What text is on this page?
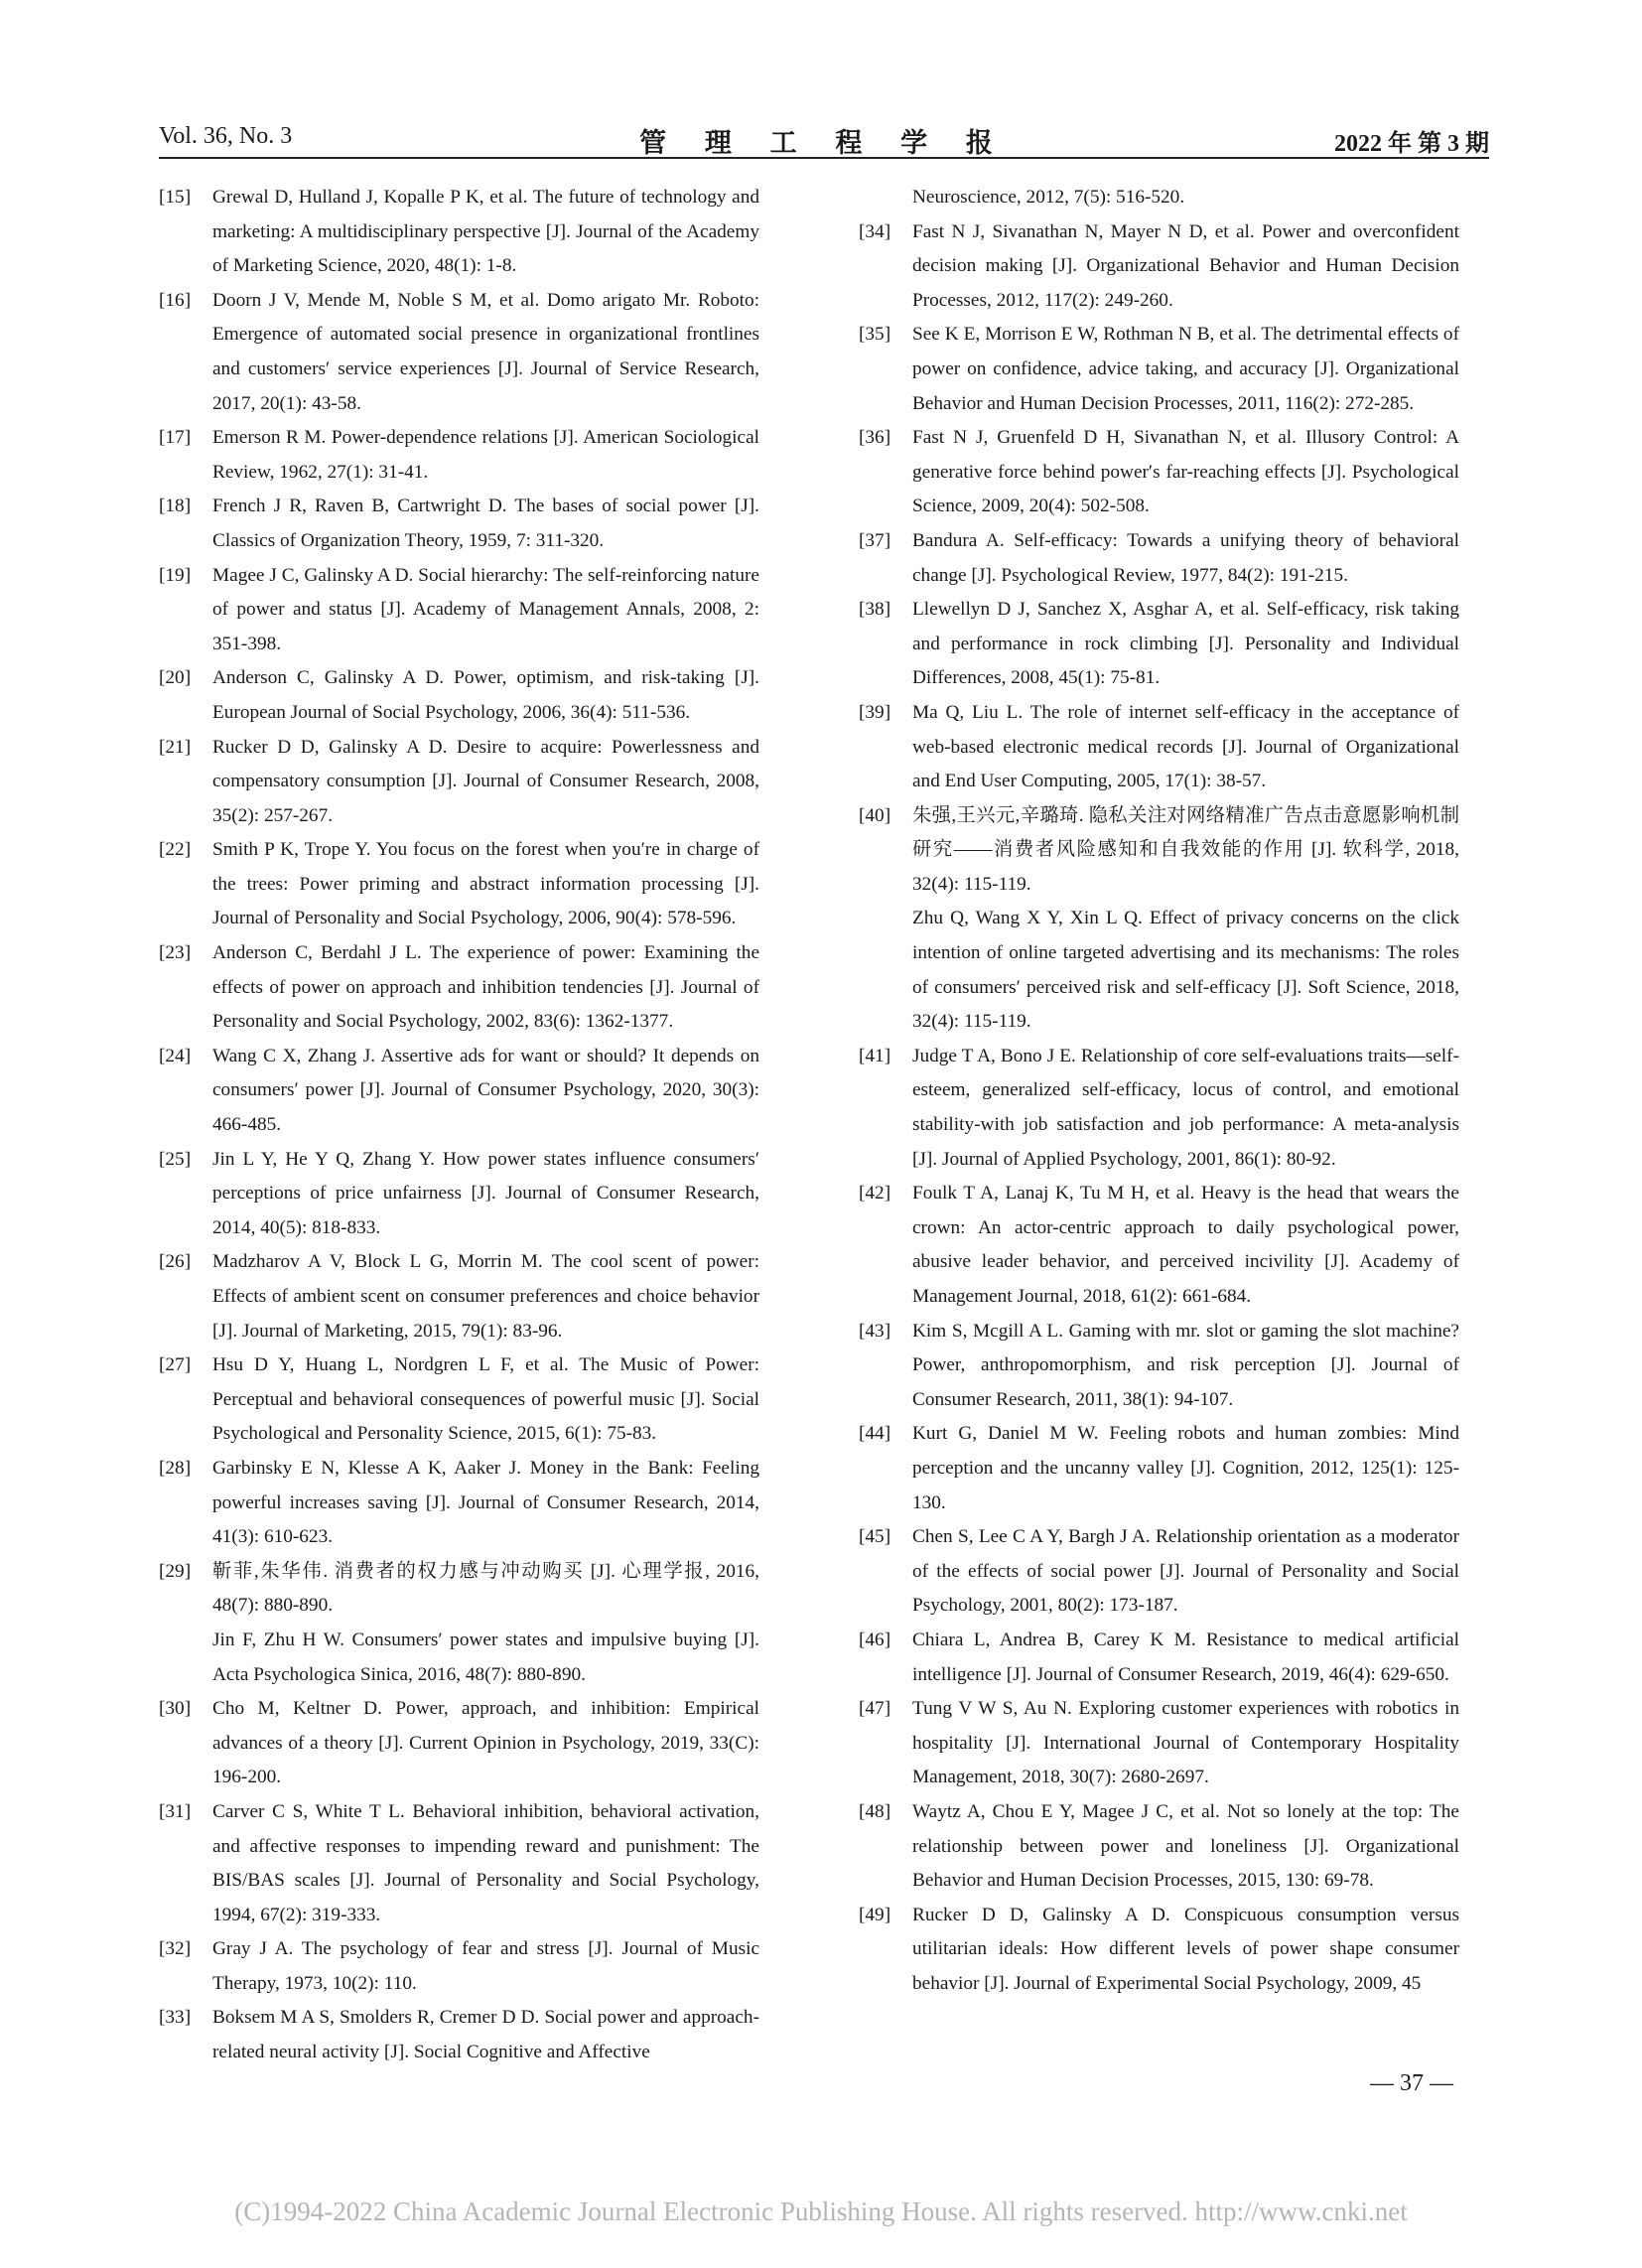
Vol. 36, No. 3	管 理 工 程 学 报	2022 年 第 3 期
[15]	Grewal D, Hulland J, Kopalle P K, et al. The future of technology and marketing: A multidisciplinary perspective [J]. Journal of the Academy of Marketing Science, 2020, 48(1): 1-8.
[16]	Doorn J V, Mende M, Noble S M, et al. Domo arigato Mr. Roboto: Emergence of automated social presence in organizational frontlines and customers′ service experiences [J]. Journal of Service Research, 2017, 20(1): 43-58.
[17]	Emerson R M. Power-dependence relations [J]. American Sociological Review, 1962, 27(1): 31-41.
[18]	French J R, Raven B, Cartwright D. The bases of social power [J]. Classics of Organization Theory, 1959, 7: 311-320.
[19]	Magee J C, Galinsky A D. Social hierarchy: The self-reinforcing nature of power and status [J]. Academy of Management Annals, 2008, 2: 351-398.
[20]	Anderson C, Galinsky A D. Power, optimism, and risk-taking [J]. European Journal of Social Psychology, 2006, 36(4): 511-536.
[21]	Rucker D D, Galinsky A D. Desire to acquire: Powerlessness and compensatory consumption [J]. Journal of Consumer Research, 2008, 35(2): 257-267.
[22]	Smith P K, Trope Y. You focus on the forest when you′re in charge of the trees: Power priming and abstract information processing [J]. Journal of Personality and Social Psychology, 2006, 90(4): 578-596.
[23]	Anderson C, Berdahl J L. The experience of power: Examining the effects of power on approach and inhibition tendencies [J]. Journal of Personality and Social Psychology, 2002, 83(6): 1362-1377.
[24]	Wang C X, Zhang J. Assertive ads for want or should? It depends on consumers′ power [J]. Journal of Consumer Psychology, 2020, 30(3): 466-485.
[25]	Jin L Y, He Y Q, Zhang Y. How power states influence consumers′ perceptions of price unfairness [J]. Journal of Consumer Research, 2014, 40(5): 818-833.
[26]	Madzharov A V, Block L G, Morrin M. The cool scent of power: Effects of ambient scent on consumer preferences and choice behavior [J]. Journal of Marketing, 2015, 79(1): 83-96.
[27]	Hsu D Y, Huang L, Nordgren L F, et al. The Music of Power: Perceptual and behavioral consequences of powerful music [J]. Social Psychological and Personality Science, 2015, 6(1): 75-83.
[28]	Garbinsky E N, Klesse A K, Aaker J. Money in the Bank: Feeling powerful increases saving [J]. Journal of Consumer Research, 2014, 41(3): 610-623.
[29]	靳菲,朱华伟. 消费者的权力感与冲动购买 [J]. 心理学报, 2016, 48(7): 880-890.
Jin F, Zhu H W. Consumers′ power states and impulsive buying [J]. Acta Psychologica Sinica, 2016, 48(7): 880-890.
[30]	Cho M, Keltner D. Power, approach, and inhibition: Empirical advances of a theory [J]. Current Opinion in Psychology, 2019, 33(C): 196-200.
[31]	Carver C S, White T L. Behavioral inhibition, behavioral activation, and affective responses to impending reward and punishment: The BIS/BAS scales [J]. Journal of Personality and Social Psychology, 1994, 67(2): 319-333.
[32]	Gray J A. The psychology of fear and stress [J]. Journal of Music Therapy, 1973, 10(2): 110.
[33]	Boksem M A S, Smolders R, Cremer D D. Social power and approach-related neural activity [J]. Social Cognitive and Affective
Neuroscience, 2012, 7(5): 516-520.
[34]	Fast N J, Sivanathan N, Mayer N D, et al. Power and overconfident decision making [J]. Organizational Behavior and Human Decision Processes, 2012, 117(2): 249-260.
[35]	See K E, Morrison E W, Rothman N B, et al. The detrimental effects of power on confidence, advice taking, and accuracy [J]. Organizational Behavior and Human Decision Processes, 2011, 116(2): 272-285.
[36]	Fast N J, Gruenfeld D H, Sivanathan N, et al. Illusory Control: A generative force behind power′s far-reaching effects [J]. Psychological Science, 2009, 20(4): 502-508.
[37]	Bandura A. Self-efficacy: Towards a unifying theory of behavioral change [J]. Psychological Review, 1977, 84(2): 191-215.
[38]	Llewellyn D J, Sanchez X, Asghar A, et al. Self-efficacy, risk taking and performance in rock climbing [J]. Personality and Individual Differences, 2008, 45(1): 75-81.
[39]	Ma Q, Liu L. The role of internet self-efficacy in the acceptance of web-based electronic medical records [J]. Journal of Organizational and End User Computing, 2005, 17(1): 38-57.
[40]	朱强,王兴元,辛璐琦. 隐私关注对网络精准广告点击意愿影响机制研究——消费者风险感知和自我效能的作用 [J]. 软科学, 2018, 32(4): 115-119.
Zhu Q, Wang X Y, Xin L Q. Effect of privacy concerns on the click intention of online targeted advertising and its mechanisms: The roles of consumers′ perceived risk and self-efficacy [J]. Soft Science, 2018, 32(4): 115-119.
[41]	Judge T A, Bono J E. Relationship of core self-evaluations traits—self-esteem, generalized self-efficacy, locus of control, and emotional stability-with job satisfaction and job performance: A meta-analysis [J]. Journal of Applied Psychology, 2001, 86(1): 80-92.
[42]	Foulk T A, Lanaj K, Tu M H, et al. Heavy is the head that wears the crown: An actor-centric approach to daily psychological power, abusive leader behavior, and perceived incivility [J]. Academy of Management Journal, 2018, 61(2): 661-684.
[43]	Kim S, Mcgill A L. Gaming with mr. slot or gaming the slot machine? Power, anthropomorphism, and risk perception [J]. Journal of Consumer Research, 2011, 38(1): 94-107.
[44]	Kurt G, Daniel M W. Feeling robots and human zombies: Mind perception and the uncanny valley [J]. Cognition, 2012, 125(1): 125-130.
[45]	Chen S, Lee C A Y, Bargh J A. Relationship orientation as a moderator of the effects of social power [J]. Journal of Personality and Social Psychology, 2001, 80(2): 173-187.
[46]	Chiara L, Andrea B, Carey K M. Resistance to medical artificial intelligence [J]. Journal of Consumer Research, 2019, 46(4): 629-650.
[47]	Tung V W S, Au N. Exploring customer experiences with robotics in hospitality [J]. International Journal of Contemporary Hospitality Management, 2018, 30(7): 2680-2697.
[48]	Waytz A, Chou E Y, Magee J C, et al. Not so lonely at the top: The relationship between power and loneliness [J]. Organizational Behavior and Human Decision Processes, 2015, 130: 69-78.
[49]	Rucker D D, Galinsky A D. Conspicuous consumption versus utilitarian ideals: How different levels of power shape consumer behavior [J]. Journal of Experimental Social Psychology, 2009, 45
— 37 —
(C)1994-2022 China Academic Journal Electronic Publishing House. All rights reserved. http://www.cnki.net
